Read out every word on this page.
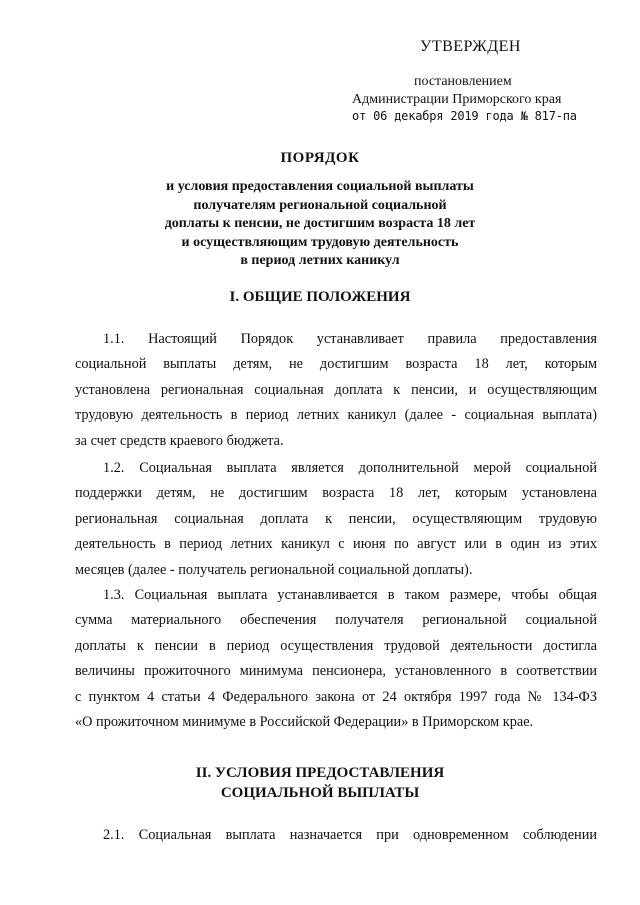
УТВЕРЖДЕН
постановлением
Администрации Приморского края
от 06 декабря 2019 года № 817-па
ПОРЯДОК
и условия предоставления социальной выплаты
получателям региональной социальной
доплаты к пенсии, не достигшим возраста 18 лет
и осуществляющим трудовую деятельность
в период летних каникул
I. ОБЩИЕ ПОЛОЖЕНИЯ
1.1. Настоящий Порядок устанавливает правила предоставления
социальной выплаты детям, не достигшим возраста 18 лет, которым
установлена региональная социальная доплата к пенсии, и осуществляющим
трудовую деятельность в период летних каникул (далее - социальная выплата)
за счет средств краевого бюджета.
1.2. Социальная выплата является дополнительной мерой социальной
поддержки детям, не достигшим возраста 18 лет, которым установлена
региональная социальная доплата к пенсии, осуществляющим трудовую
деятельность в период летних каникул с июня по август или в один из этих
месяцев (далее - получатель региональной социальной доплаты).
1.3. Социальная выплата устанавливается в таком размере, чтобы общая
сумма материального обеспечения получателя региональной социальной
доплаты к пенсии в период осуществления трудовой деятельности достигла
величины прожиточного минимума пенсионера, установленного в соответствии
с пунктом 4 статьи 4 Федерального закона от 24 октября 1997 года № 134-ФЗ
«О прожиточном минимуме в Российской Федерации» в Приморском крае.
II. УСЛОВИЯ ПРЕДОСТАВЛЕНИЯ
СОЦИАЛЬНОЙ ВЫПЛАТЫ
2.1. Социальная выплата назначается при одновременном соблюдении
